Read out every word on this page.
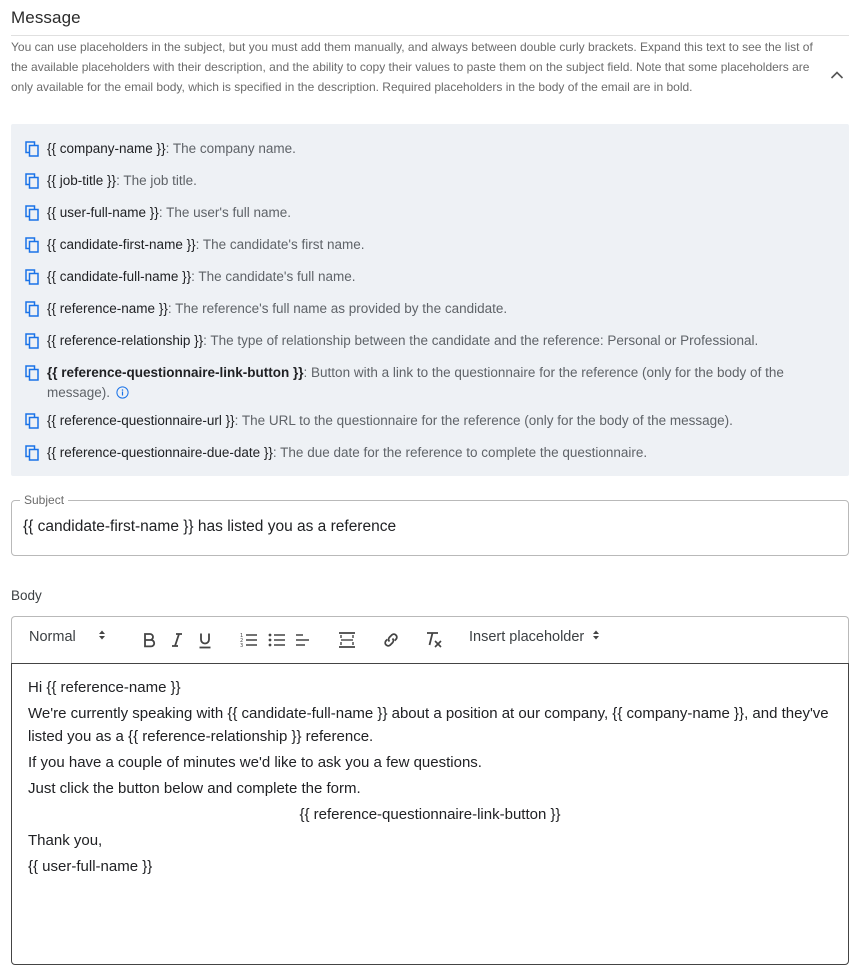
Message
You can use placeholders in the subject, but you must add them manually, and always between double curly brackets. Expand this text to see the list of the available placeholders with their description, and the ability to copy their values to paste them on the subject field. Note that some placeholders are only available for the email body, which is specified in the description. Required placeholders in the body of the email are in bold.
{{ company-name }}: The company name.
{{ job-title }}: The job title.
{{ user-full-name }}: The user's full name.
{{ candidate-first-name }}: The candidate's first name.
{{ candidate-full-name }}: The candidate's full name.
{{ reference-name }}: The reference's full name as provided by the candidate.
{{ reference-relationship }}: The type of relationship between the candidate and the reference: Personal or Professional.
{{ reference-questionnaire-link-button }}: Button with a link to the questionnaire for the reference (only for the body of the message).
{{ reference-questionnaire-url }}: The URL to the questionnaire for the reference (only for the body of the message).
{{ reference-questionnaire-due-date }}: The due date for the reference to complete the questionnaire.
Subject
{{ candidate-first-name }} has listed you as a reference
Body
Normal	1
2
3
Insert placeholder

Hi {{ reference-name }}

We're currently speaking with {{ candidate-full-name }} about a position at our company, {{ company-name }}, and they've listed you as a {{ reference-relationship }} reference.

If you have a couple of minutes we'd like to ask you a few questions.

Just click the button below and complete the form.

{{ reference-questionnaire-link-button }}

Thank you,

{{ user-full-name }}
